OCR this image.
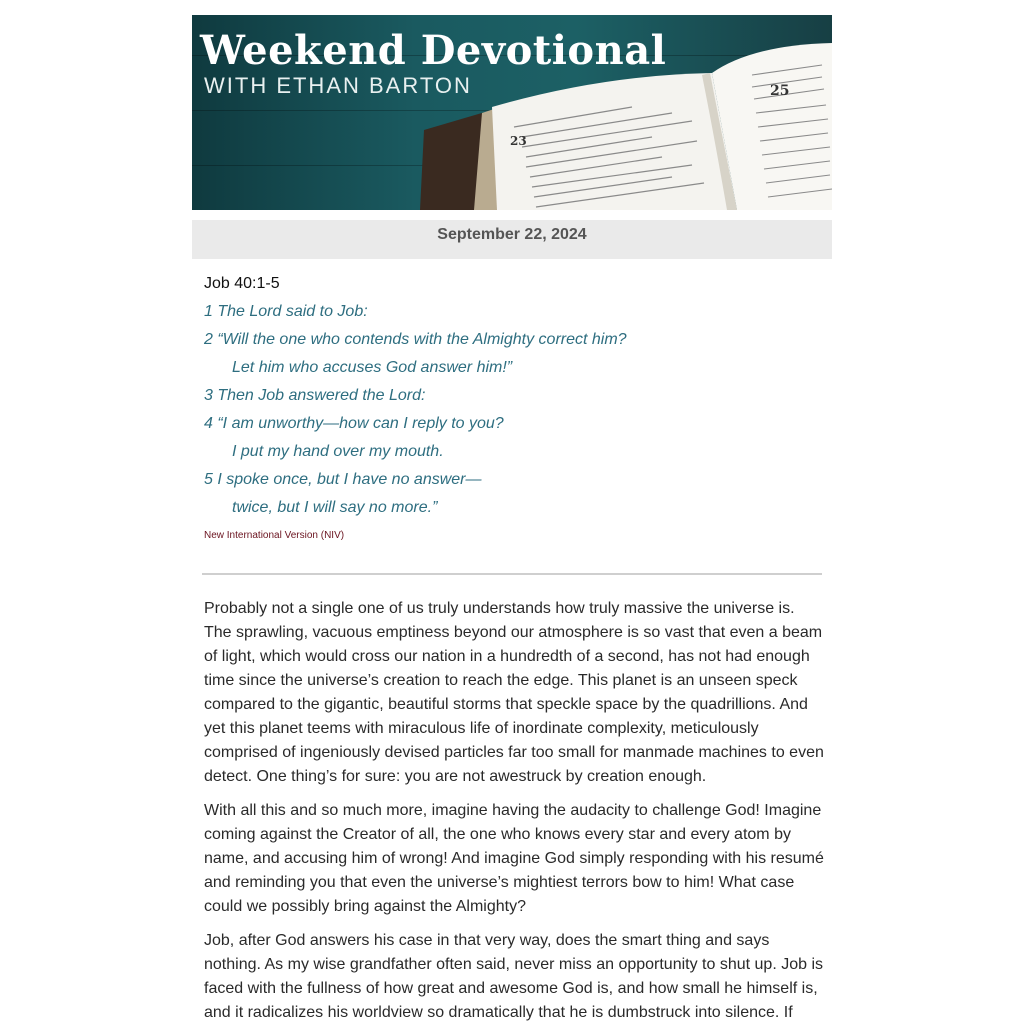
23
25
Weekend Devotional
WITH ETHAN BARTON
September 22, 2024
Job 40:1-5
1 The Lord said to Job:
2 “Will the one who contends with the Almighty correct him?
Let him who accuses God answer him!”
3 Then Job answered the Lord:
4 “I am unworthy—how can I reply to you?
I put my hand over my mouth.
5 I spoke once, but I have no answer—
twice, but I will say no more.”
New International Version (NIV)

Probably not a single one of us truly understands how truly massive the universe is. The sprawling, vacuous emptiness beyond our atmosphere is so vast that even a beam of light, which would cross our nation in a hundredth of a second, has not had enough time since the universe’s creation to reach the edge. This planet is an unseen speck compared to the gigantic, beautiful storms that speckle space by the quadrillions. And yet this planet teems with miraculous life of inordinate complexity, meticulously comprised of ingeniously devised particles far too small for manmade machines to even detect. One thing’s for sure: you are not awestruck by creation enough.

With all this and so much more, imagine having the audacity to challenge God! Imagine coming against the Creator of all, the one who knows every star and every atom by name, and accusing him of wrong! And imagine God simply responding with his resumé and reminding you that even the universe’s mightiest terrors bow to him! What case could we possibly bring against the Almighty?

Job, after God answers his case in that very way, does the smart thing and says nothing. As my wise grandfather often said, never miss an opportunity to shut up. Job is faced with the fullness of how great and awesome God is, and how small he himself is, and it radicalizes his worldview so dramatically that he is dumbstruck into silence. If
